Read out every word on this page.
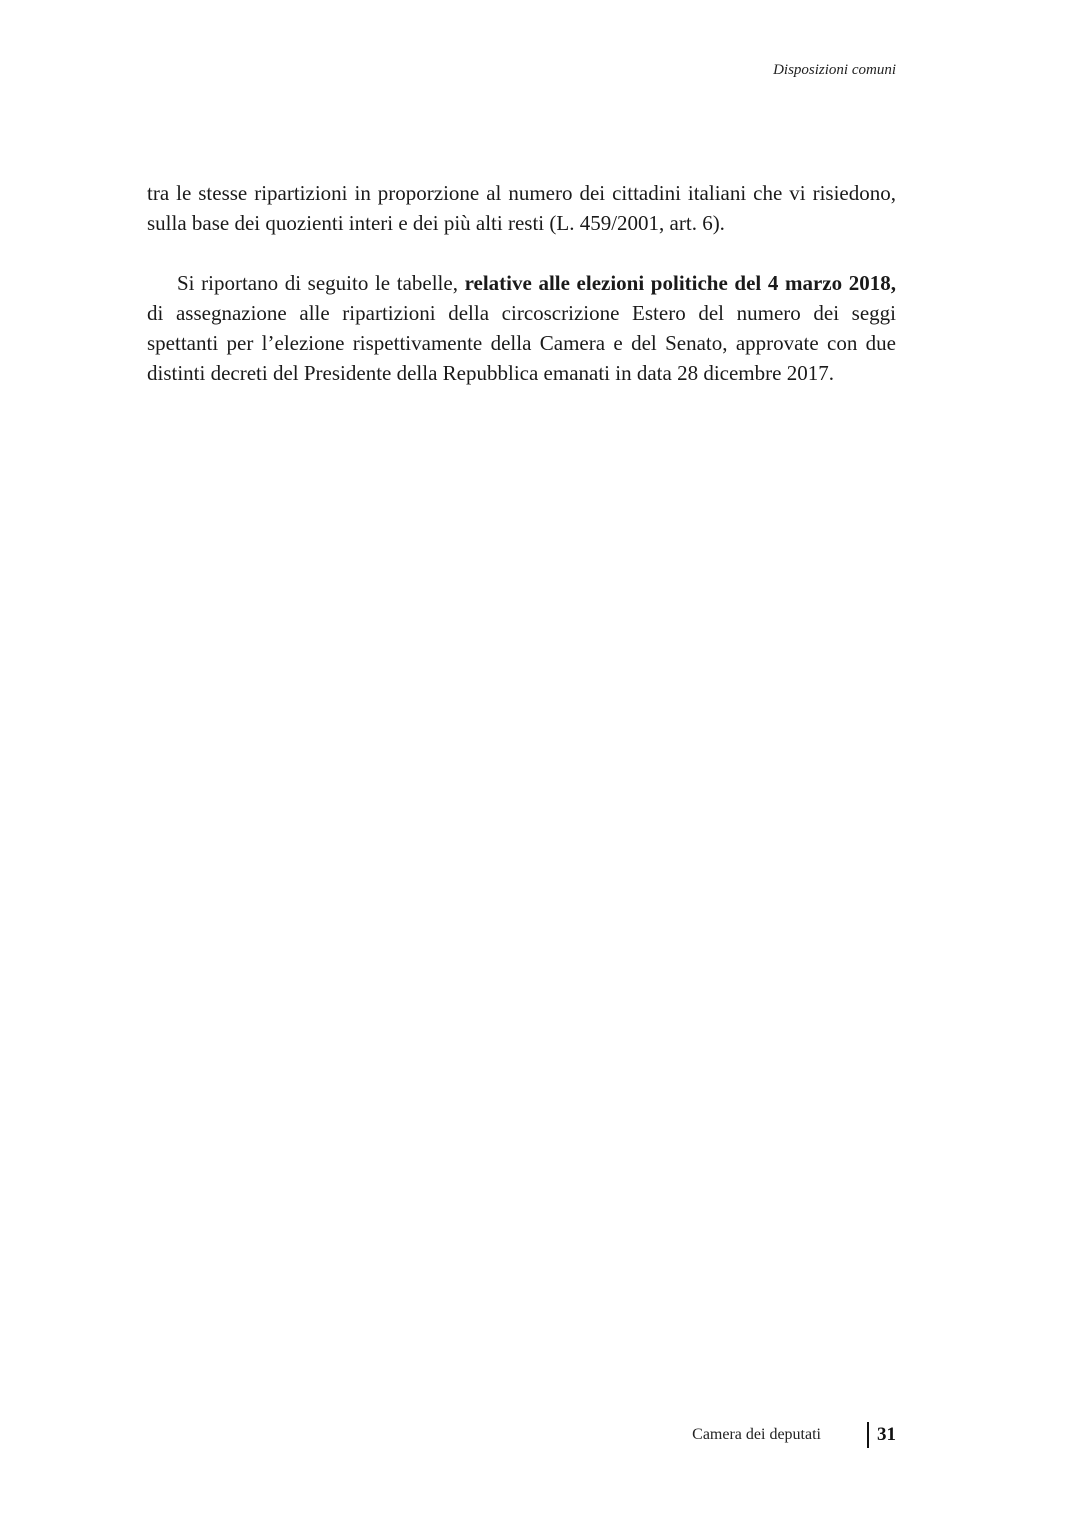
Disposizioni comuni

tra le stesse ripartizioni in proporzione al numero dei cittadini italiani che vi risiedono, sulla base dei quozienti interi e dei più alti resti (L. 459/2001, art. 6).

Si riportano di seguito le tabelle, relative alle elezioni politiche del 4 marzo 2018, di assegnazione alle ripartizioni della circoscrizione Estero del numero dei seggi spettanti per l’elezione rispettivamente della Camera e del Senato, approvate con due distinti decreti del Presidente della Repubblica emanati in data 28 dicembre 2017.

Camera dei deputati	31
